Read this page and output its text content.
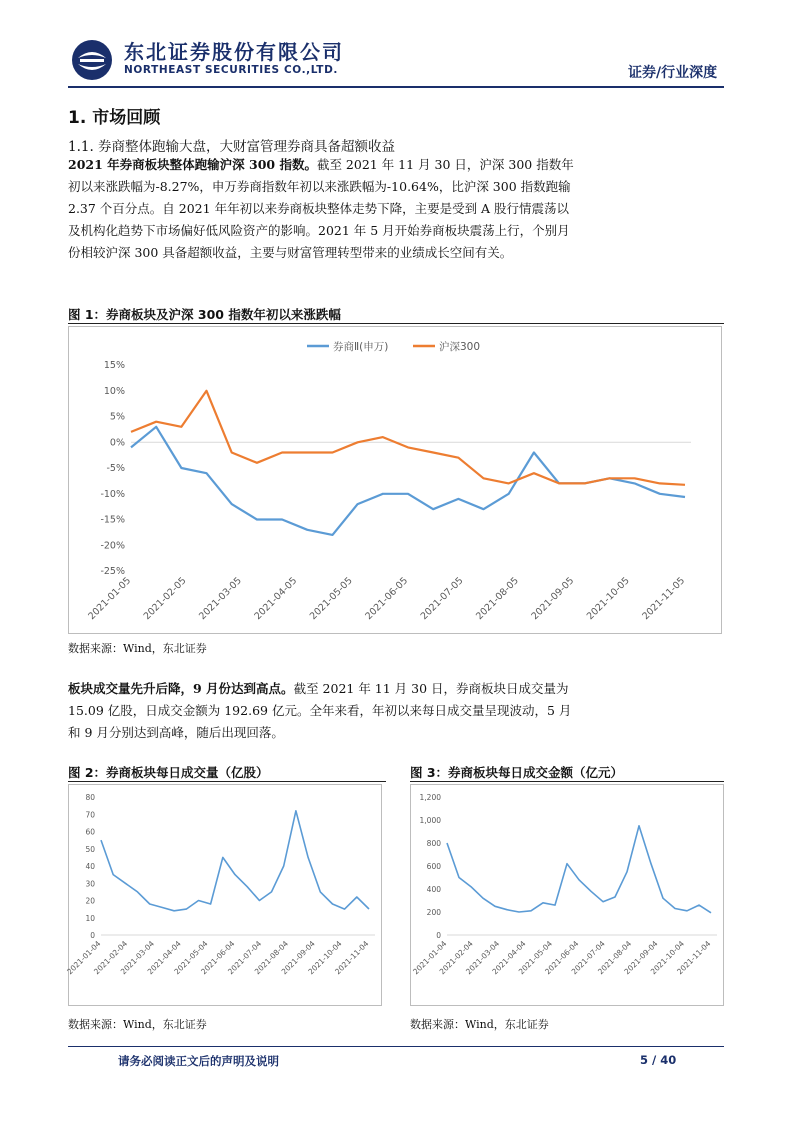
东北证券股份有限公司
NORTHEAST SECURITIES CO.,LTD.	证券/行业深度
1. 市场回顾
1.1. 券商整体跑输大盘，大财富管理券商具备超额收益
2021 年券商板块整体跑输沪深 300 指数。截至 2021 年 11 月 30 日，沪深 300 指数年初以来涨跌幅为-8.27%，申万券商指数年初以来涨跌幅为-10.64%，比沪深 300 指数跑输 2.37 个百分点。自 2021 年年初以来券商板块整体走势下降，主要是受到 A 股行情震荡以及机构化趋势下市场偏好低风险资产的影响。2021 年 5 月开始券商板块震荡上行，个别月份相较沪深 300 具备超额收益，主要与财富管理转型带来的业绩成长空间有关。
图 1：券商板块及沪深 300 指数年初以来涨跌幅
15%
10%
5%
0%
-5%
-10%
-15%
-20%
-25%
2021-01-05 2021-02-05 2021-03-05 2021-04-05 2021-05-05 2021-06-05 2021-07-05 2021-08-05 2021-09-05 2021-10-05 2021-11-05
券商Ⅱ(申万)	沪深300
数据来源：Wind，东北证券
板块成交量先升后降，9 月份达到高点。截至 2021 年 11 月 30 日，券商板块日成交量为 15.09 亿股，日成交金额为 192.69 亿元。全年来看，年初以来每日成交量呈现波动，5 月和 9 月分别达到高峰，随后出现回落。
图 2：券商板块每日成交量（亿股）
80
70
60
50
40
30
20
10
0
2021-01-04
2021-02-04
2021-03-04
2021-04-04
2021-05-04
2021-06-04
2021-07-04
2021-08-04
2021-09-04
2021-10-04
2021-11-04
数据来源：Wind，东北证券
图 3：券商板块每日成交金额（亿元）
1,200
1,000
800
600
400
200
0
2021-01-04
2021-02-04
2021-03-04
2021-04-04
2021-05-04
2021-06-04
2021-07-04
2021-08-04
2021-09-04
2021-10-04
2021-11-04
数据来源：Wind，东北证券
请务必阅读正文后的声明及说明	5 / 40
